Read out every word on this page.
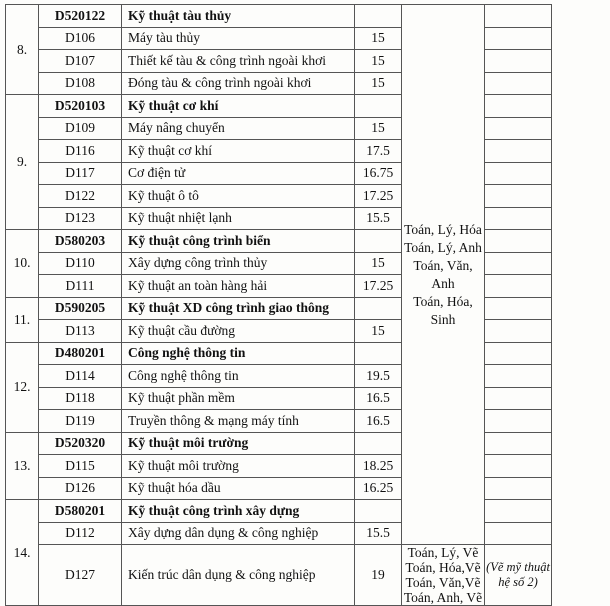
8.	D520122	Kỹ thuật tàu thủy		Toán, Lý, Hóa
Toán, Lý, Anh
Toán, Văn, Anh
Toán, Hóa, Sinh	

	D106	Máy tàu thủy	15		
	D107	Thiết kế tàu & công trình ngoài khơi	15		
	D108	Đóng tàu & công trình ngoài khơi	15		
9.	D520103	Kỹ thuật cơ khí			
	D109	Máy nâng chuyển	15		
	D116	Kỹ thuật cơ khí	17.5		
	D117	Cơ điện tử	16.75		
	D122	Kỹ thuật ô tô	17.25		
	D123	Kỹ thuật nhiệt lạnh	15.5		
10.	D580203	Kỹ thuật công trình biển			
	D110	Xây dựng công trình thủy	15		
	D111	Kỹ thuật an toàn hàng hải	17.25		
11.	D590205	Kỹ thuật XD công trình giao thông			
	D113	Kỹ thuật cầu đường	15		
12.	D480201	Công nghệ thông tin			
	D114	Công nghệ thông tin	19.5		
	D118	Kỹ thuật phần mềm	16.5		
	D119	Truyền thông & mạng máy tính	16.5		
13.	D520320	Kỹ thuật môi trường			
	D115	Kỹ thuật môi trường	18.25		
	D126	Kỹ thuật hóa dầu	16.25		
14.	D580201	Kỹ thuật công trình xây dựng			
	D112	Xây dựng dân dụng & công nghiệp	15.5		
	D127	Kiến trúc dân dụng & công nghiệp	19	Toán, Lý, Vẽ
Toán, Hóa,Vẽ
Toán, Văn,Vẽ
Toán, Anh, Vẽ	(Vẽ mỹ thuật
hệ số 2)
